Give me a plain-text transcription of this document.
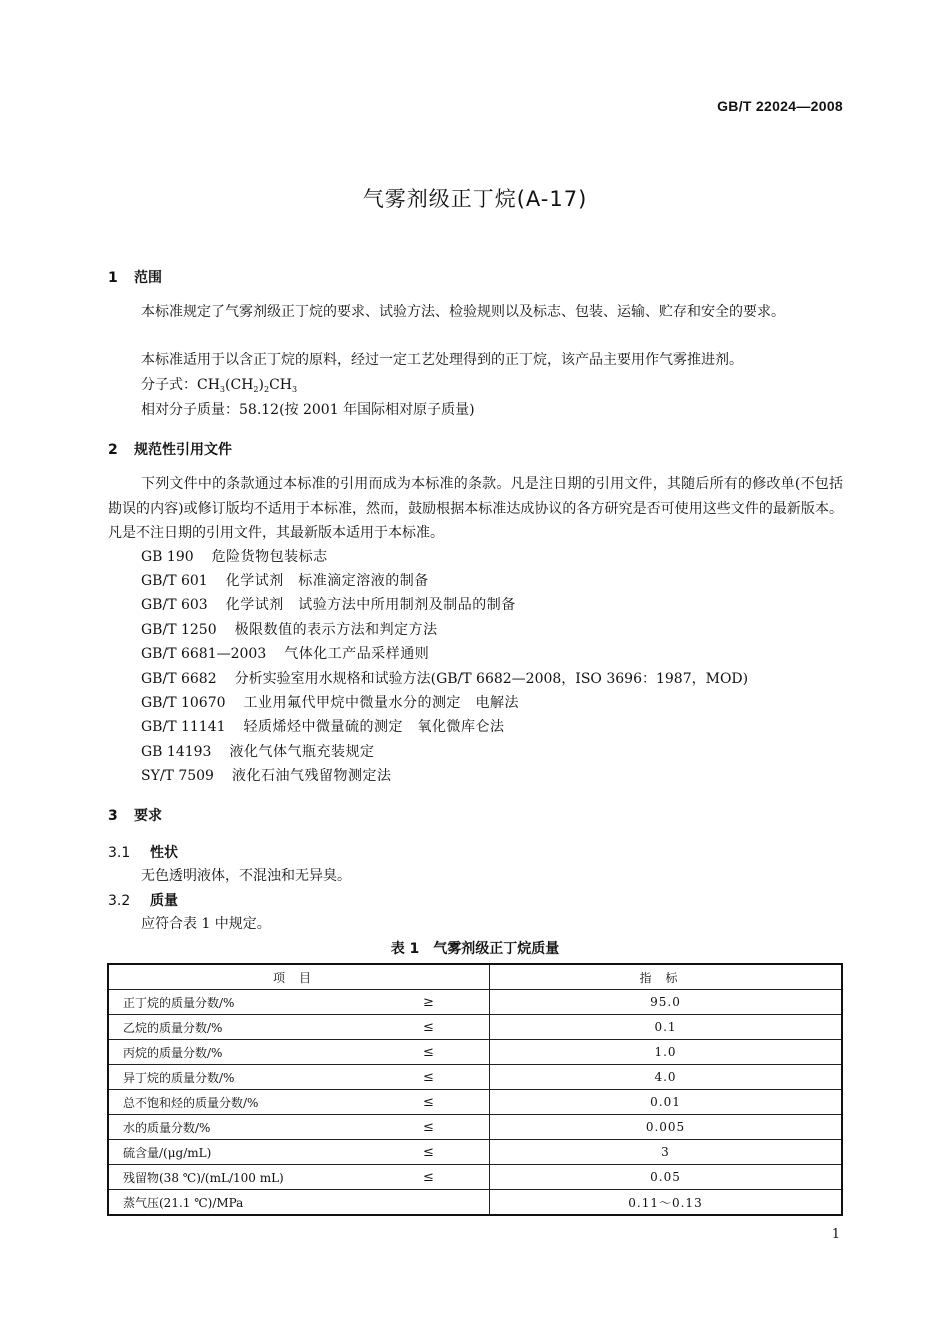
GB/T 22024—2008
气雾剂级正丁烷(A-17)
1 范围
本标准规定了气雾剂级正丁烷的要求、试验方法、检验规则以及标志、包装、运输、贮存和安全的要求。
本标准适用于以含正丁烷的原料，经过一定工艺处理得到的正丁烷，该产品主要用作气雾推进剂。
分子式：$CH_3(CH_2)_2CH_3$
相对分子质量：58.12(按 2001 年国际相对原子质量)
2 规范性引用文件
下列文件中的条款通过本标准的引用而成为本标准的条款。凡是注日期的引用文件，其随后所有的修改单(不包括勘误的内容)或修订版均不适用于本标准，然而，鼓励根据本标准达成协议的各方研究是否可使用这些文件的最新版本。凡是不注日期的引用文件，其最新版本适用于本标准。
GB 190 危险货物包装标志
GB/T 601 化学试剂　标准滴定溶液的制备
GB/T 603 化学试剂　试验方法中所用制剂及制品的制备
GB/T 1250 极限数值的表示方法和判定方法
GB/T 6681—2003 气体化工产品采样通则
GB/T 6682 分析实验室用水规格和试验方法(GB/T 6682—2008，ISO 3696：1987，MOD)
GB/T 10670 工业用氟代甲烷中微量水分的测定　电解法
GB/T 11141 轻质烯烃中微量硫的测定　氧化微库仑法
GB 14193 液化气体气瓶充装规定
SY/T 7509 液化石油气残留物测定法
3 要求
3.1 性状
无色透明液体，不混浊和无异臭。
3.2 质量
应符合表 1 中规定。
表 1　气雾剂级正丁烷质量
项目		指标
正丁烷的质量分数/%	≥	95.0
乙烷的质量分数/%	≤	0.1
丙烷的质量分数/%	≤	1.0
异丁烷的质量分数/%	≤	4.0
总不饱和烃的质量分数/%	≤	0.01
水的质量分数/%	≤	0.005
硫含量/(μg/mL)	≤	3
残留物(38 ℃)/(mL/100 mL)	≤	0.05
蒸气压(21.1 ℃)/MPa		0.11～0.13
1
